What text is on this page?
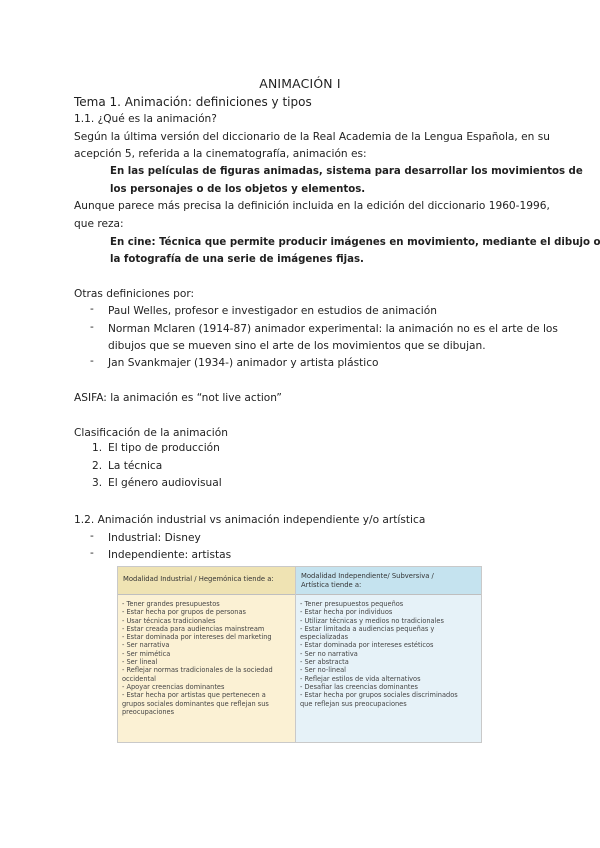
ANIMACIÓN I
Tema 1. Animación: definiciones y tipos
1.1. ¿Qué es la animación?
Según la última versión del diccionario de la Real Academia de la Lengua Española, en su
acepción 5, referida a la cinematografía, animación es:
En las películas de figuras animadas, sistema para desarrollar los movimientos de
los personajes o de los objetos y elementos.
Aunque parece más precisa la definición incluida en la edición del diccionario 1960-1996,
que reza:
En cine: Técnica que permite producir imágenes en movimiento, mediante el dibujo o
la fotografía de una serie de imágenes fijas.
Otras definiciones por:
- Paul Welles, profesor e investigador en estudios de animación
- Norman Mclaren (1914-87) animador experimental: la animación no es el arte de los
dibujos que se mueven sino el arte de los movimientos que se dibujan.
- Jan Svankmajer (1934-) animador y artista plástico
ASIFA: la animación es “not live action”
Clasificación de la animación
1. El tipo de producción
2. La técnica
3. El género audiovisual
1.2. Animación industrial vs animación independiente y/o artística
- Industrial: Disney
- Independiente: artistas
Modalidad Industrial / Hegemónica tiende a:
- Tener grandes presupuestos
- Estar hecha por grupos de personas
- Usar técnicas tradicionales
- Estar creada para audiencias mainstream
- Estar dominada por intereses del marketing
- Ser narrativa
- Ser mimética
- Ser lineal
- Reflejar normas tradicionales de la sociedad
occidental
- Apoyar creencias dominantes
- Estar hecha por artistas que pertenecen a
grupos sociales dominantes que reflejan sus
preocupaciones
Modalidad Independiente/ Subversiva /
Artística tiende a:
- Tener presupuestos pequeños
- Estar hecha por individuos
- Utilizar técnicas y medios no tradicionales
- Estar limitada a audiencias pequeñas y
especializadas
- Estar dominada por intereses estéticos
- Ser no narrativa
- Ser abstracta
- Ser no-lineal
- Reflejar estilos de vida alternativos
- Desafiar las creencias dominantes
- Estar hecha por grupos sociales discriminados
que reflejan sus preocupaciones
